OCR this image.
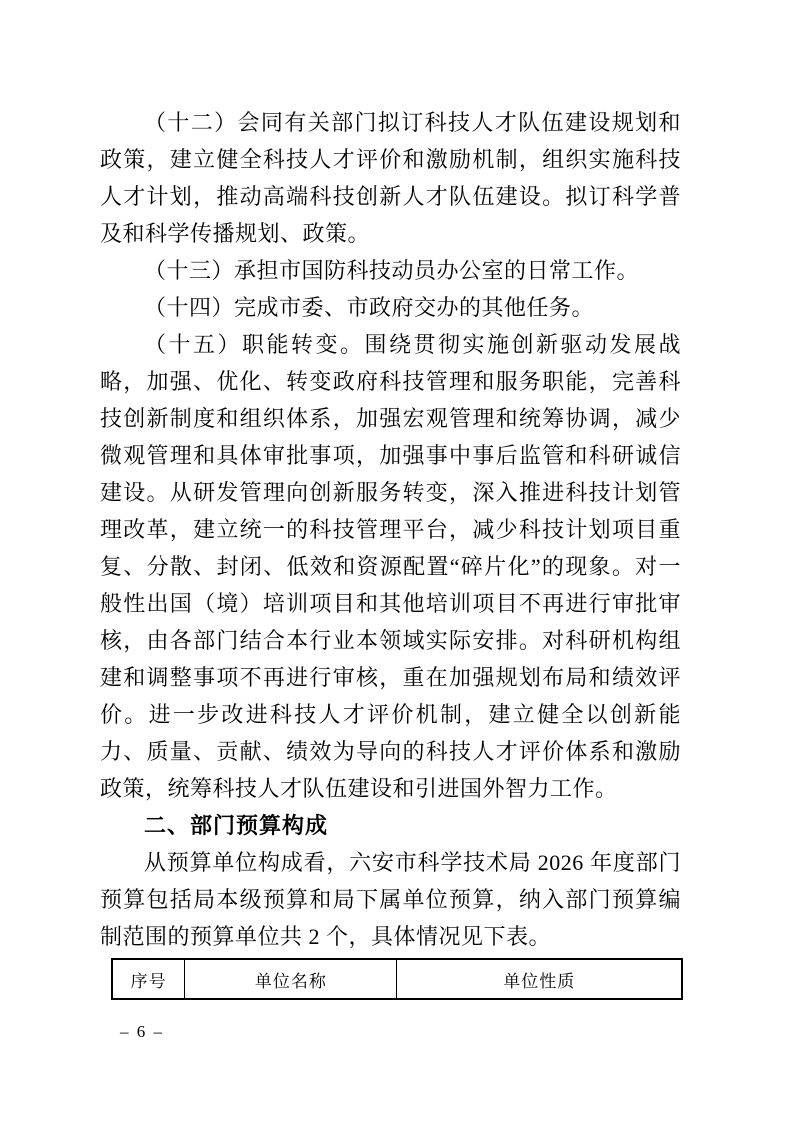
（十二）会同有关部门拟订科技人才队伍建设规划和政策，建立健全科技人才评价和激励机制，组织实施科技人才计划，推动高端科技创新人才队伍建设。拟订科学普及和科学传播规划、政策。

（十三）承担市国防科技动员办公室的日常工作。

（十四）完成市委、市政府交办的其他任务。

（十五）职能转变。围绕贯彻实施创新驱动发展战略，加强、优化、转变政府科技管理和服务职能，完善科技创新制度和组织体系，加强宏观管理和统筹协调，减少微观管理和具体审批事项，加强事中事后监管和科研诚信建设。从研发管理向创新服务转变，深入推进科技计划管理改革，建立统一的科技管理平台，减少科技计划项目重复、分散、封闭、低效和资源配置“碎片化”的现象。对一般性出国（境）培训项目和其他培训项目不再进行审批审核，由各部门结合本行业本领域实际安排。对科研机构组建和调整事项不再进行审核，重在加强规划布局和绩效评价。进一步改进科技人才评价机制，建立健全以创新能力、质量、贡献、绩效为导向的科技人才评价体系和激励政策，统筹科技人才队伍建设和引进国外智力工作。

二、部门预算构成

从预算单位构成看，六安市科学技术局 2026 年度部门预算包括局本级预算和局下属单位预算，纳入部门预算编制范围的预算单位共 2 个，具体情况见下表。

序号	单位名称	单位性质
– 6 –
